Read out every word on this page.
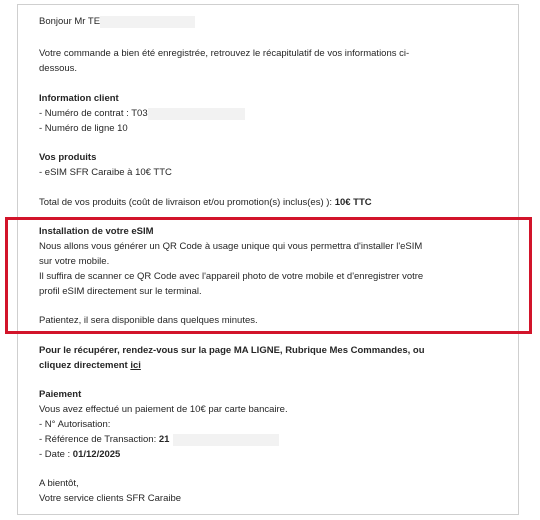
Bonjour Mr TE
Votre commande a bien été enregistrée, retrouvez le récapitulatif de vos informations ci-
dessous.
Information client
- Numéro de contrat : T03
- Numéro de ligne 10
Vos produits
- eSIM SFR Caraibe à 10€ TTC
Total de vos produits (coût de livraison et/ou promotion(s) inclus(es) ): 10€ TTC
Installation de votre eSIM
Nous allons vous générer un QR Code à usage unique qui vous permettra d'installer l'eSIM
sur votre mobile.
Il suffira de scanner ce QR Code avec l'appareil photo de votre mobile et d'enregistrer votre
profil eSIM directement sur le terminal.
Patientez, il sera disponible dans quelques minutes.
Pour le récupérer, rendez-vous sur la page MA LIGNE, Rubrique Mes Commandes, ou
cliquez directement ici
Paiement
Vous avez effectué un paiement de 10€ par carte bancaire.
- N° Autorisation:
- Référence de Transaction: 21
- Date : 01/12/2025
A bientôt,
Votre service clients SFR Caraibe
